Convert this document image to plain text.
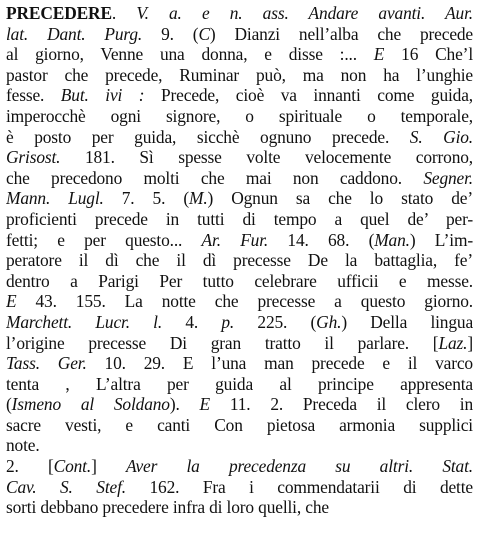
PRECEDERE. V. a. e n. ass. Andare avanti. Aur.
lat. Dant. Purg. 9. (C) Dianzi nell’alba che precede
al giorno, Venne una donna, e disse :... E 16 Che’l
pastor che precede, Ruminar può, ma non ha l’unghie
fesse. But. ivi : Precede, cioè va innanti come guida,
imperocchè ogni signore, o spirituale o temporale,
è posto per guida, sicchè ognuno precede. S. Gio.
Grisost. 181. Sì spesse volte velocemente corrono,
che precedono molti che mai non caddono. Segner.
Mann. Lugl. 7. 5. (M.) Ognun sa che lo stato de’
proficienti precede in tutti di tempo a quel de’ per-
fetti; e per questo... Ar. Fur. 14. 68. (Man.) L’im-
peratore il dì che il dì precesse De la battaglia, fe’
dentro a Parigi Per tutto celebrare ufficii e messe.
E 43. 155. La notte che precesse a questo giorno.
Marchett. Lucr. l. 4. p. 225. (Gh.) Della lingua
l’origine precesse Di gran tratto il parlare. [Laz.]
Tass. Ger. 10. 29. E l’una man precede e il varco
tenta , L’altra per guida al principe appresenta
(Ismeno al Soldano). E 11. 2. Preceda il clero in
sacre vesti, e canti Con pietosa armonia supplici
note.
2. [Cont.] Aver la precedenza su altri. Stat.
Cav. S. Stef. 162. Fra i commendatarii di dette
sorti debbano precedere infra di loro quelli, che
